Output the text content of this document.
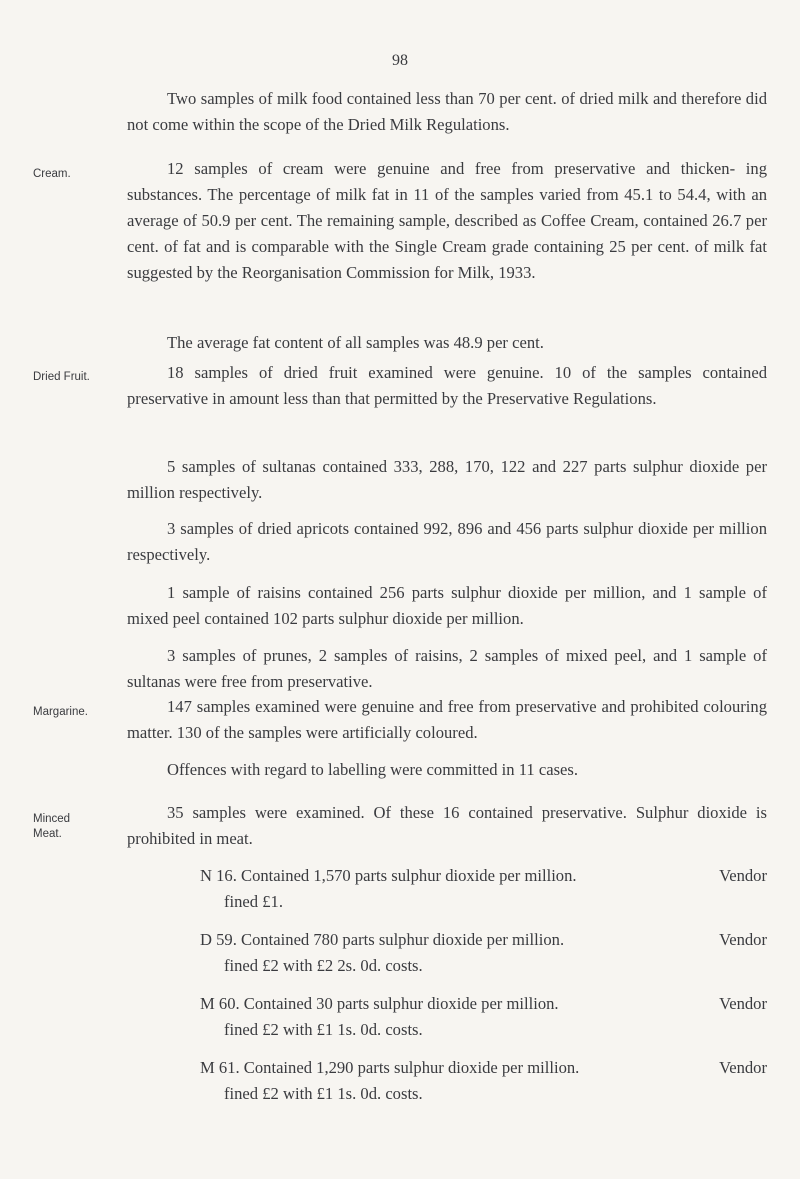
98

Two samples of milk food contained less than 70 per cent. of dried milk and therefore did not come within the scope of the Dried Milk Regulations.

Cream.	12 samples of cream were genuine and free from preservative and thicken- ing substances. The percentage of milk fat in 11 of the samples varied from 45.1 to 54.4, with an average of 50.9 per cent. The remaining sample, described as Coffee Cream, contained 26.7 per cent. of fat and is comparable with the Single Cream grade containing 25 per cent. of milk fat suggested by the Reorganisation Commission for Milk, 1933.

The average fat content of all samples was 48.9 per cent.

Dried Fruit.	18 samples of dried fruit examined were genuine. 10 of the samples contained preservative in amount less than that permitted by the Preservative Regulations.

5 samples of sultanas contained 333, 288, 170, 122 and 227 parts sulphur dioxide per million respectively.

3 samples of dried apricots contained 992, 896 and 456 parts sulphur dioxide per million respectively.

1 sample of raisins contained 256 parts sulphur dioxide per million, and 1 sample of mixed peel contained 102 parts sulphur dioxide per million.

3 samples of prunes, 2 samples of raisins, 2 samples of mixed peel, and 1 sample of sultanas were free from preservative.

Margarine.	147 samples examined were genuine and free from preservative and prohibited colouring matter. 130 of the samples were artificially coloured.

Offences with regard to labelling were committed in 11 cases.

Minced
Meat.

35 samples were examined. Of these 16 contained preservative. Sulphur dioxide is prohibited in meat.

N 16. Contained 1,570 parts sulphur dioxide per million.	Vendor
fined £1.
D 59. Contained 780 parts sulphur dioxide per million.	Vendor
fined £2 with £2 2s. 0d. costs.
M 60. Contained 30 parts sulphur dioxide per million.	Vendor
fined £2 with £1 1s. 0d. costs.
M 61. Contained 1,290 parts sulphur dioxide per million.	Vendor
fined £2 with £1 1s. 0d. costs.
